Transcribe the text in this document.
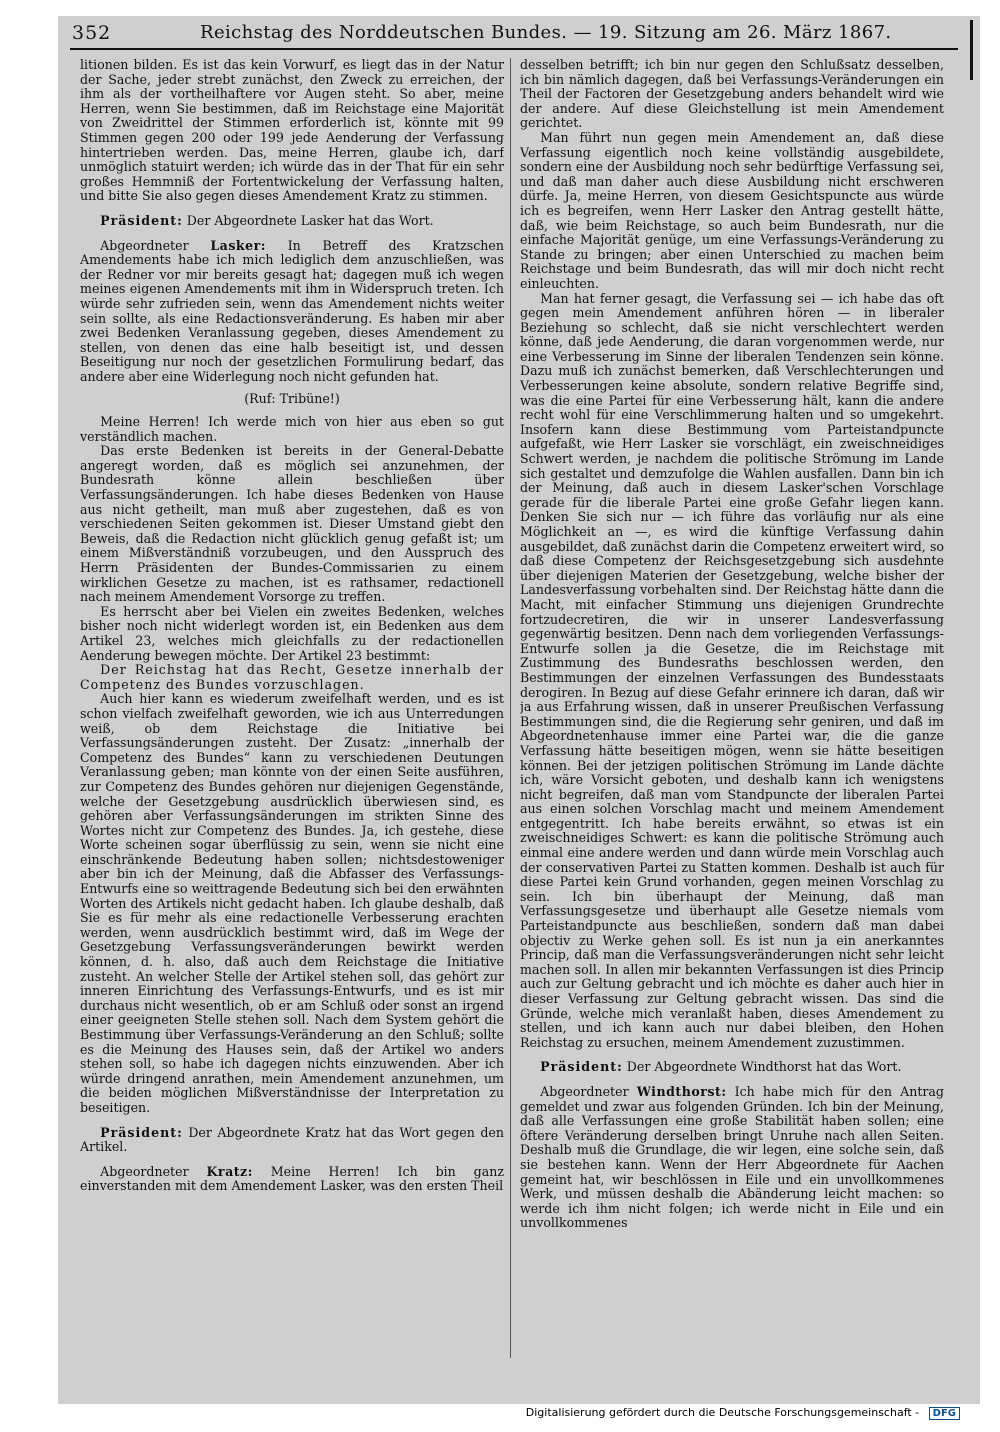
352	Reichstag des Norddeutschen Bundes. — 19. Sitzung am 26. März 1867.

litionen bilden. Es ist das kein Vorwurf, es liegt das in der Natur der Sache, jeder strebt zunächst, den Zweck zu erreichen, der ihm als der vortheilhaftere vor Augen steht. So aber, meine Herren, wenn Sie bestimmen, daß im Reichstage eine Majorität von Zweidrittel der Stimmen erforderlich ist, könnte mit 99 Stimmen gegen 200 oder 199 jede Aenderung der Verfassung hintertrieben werden. Das, meine Herren, glaube ich, darf unmöglich statuirt werden; ich würde das in der That für ein sehr großes Hemmniß der Fortentwickelung der Verfassung halten, und bitte Sie also gegen dieses Amendement Kratz zu stimmen.

Präsident: Der Abgeordnete Lasker hat das Wort.

Abgeordneter Lasker: In Betreff des Kratzschen Amendements habe ich mich lediglich dem anzuschließen, was der Redner vor mir bereits gesagt hat; dagegen muß ich wegen meines eigenen Amendements mit ihm in Widerspruch treten. Ich würde sehr zufrieden sein, wenn das Amendement nichts weiter sein sollte, als eine Redactionsveränderung. Es haben mir aber zwei Bedenken Veranlassung gegeben, dieses Amendement zu stellen, von denen das eine halb beseitigt ist, und dessen Beseitigung nur noch der gesetzlichen Formulirung bedarf, das andere aber eine Widerlegung noch nicht gefunden hat.

(Ruf: Tribüne!)

Meine Herren! Ich werde mich von hier aus eben so gut verständlich machen.

Das erste Bedenken ist bereits in der General-Debatte angeregt worden, daß es möglich sei anzunehmen, der Bundesrath könne allein beschließen über Verfassungsänderungen. Ich habe dieses Bedenken von Hause aus nicht getheilt, man muß aber zugestehen, daß es von verschiedenen Seiten gekommen ist. Dieser Umstand giebt den Beweis, daß die Redaction nicht glücklich genug gefaßt ist; um einem Mißverständniß vorzubeugen, und den Ausspruch des Herrn Präsidenten der Bundes-Commissarien zu einem wirklichen Gesetze zu machen, ist es rathsamer, redactionell nach meinem Amendement Vorsorge zu treffen.

Es herrscht aber bei Vielen ein zweites Bedenken, welches bisher noch nicht widerlegt worden ist, ein Bedenken aus dem Artikel 23, welches mich gleichfalls zu der redactionellen Aenderung bewegen möchte. Der Artikel 23 bestimmt:

Der Reichstag hat das Recht, Gesetze innerhalb der Competenz des Bundes vorzuschlagen.

Auch hier kann es wiederum zweifelhaft werden, und es ist schon vielfach zweifelhaft geworden, wie ich aus Unterredungen weiß, ob dem Reichstage die Initiative bei Verfassungsänderungen zusteht. Der Zusatz: „innerhalb der Competenz des Bundes“ kann zu verschiedenen Deutungen Veranlassung geben; man könnte von der einen Seite ausführen, zur Competenz des Bundes gehören nur diejenigen Gegenstände, welche der Gesetzgebung ausdrücklich überwiesen sind, es gehören aber Verfassungsänderungen im strikten Sinne des Wortes nicht zur Competenz des Bundes. Ja, ich gestehe, diese Worte scheinen sogar überflüssig zu sein, wenn sie nicht eine einschränkende Bedeutung haben sollen; nichtsdestoweniger aber bin ich der Meinung, daß die Abfasser des Verfassungs-Entwurfs eine so weittragende Bedeutung sich bei den erwähnten Worten des Artikels nicht gedacht haben. Ich glaube deshalb, daß Sie es für mehr als eine redactionelle Verbesserung erachten werden, wenn ausdrücklich bestimmt wird, daß im Wege der Gesetzgebung Verfassungsveränderungen bewirkt werden können, d. h. also, daß auch dem Reichstage die Initiative zusteht. An welcher Stelle der Artikel stehen soll, das gehört zur inneren Einrichtung des Verfassungs-Entwurfs, und es ist mir durchaus nicht wesentlich, ob er am Schluß oder sonst an irgend einer geeigneten Stelle stehen soll. Nach dem System gehört die Bestimmung über Verfassungs-Veränderung an den Schluß; sollte es die Meinung des Hauses sein, daß der Artikel wo anders stehen soll, so habe ich dagegen nichts einzuwenden. Aber ich würde dringend anrathen, mein Amendement anzunehmen, um die beiden möglichen Mißverständnisse der Interpretation zu beseitigen.

Präsident: Der Abgeordnete Kratz hat das Wort gegen den Artikel.

Abgeordneter Kratz: Meine Herren! Ich bin ganz einverstanden mit dem Amendement Lasker, was den ersten Theil

desselben betrifft; ich bin nur gegen den Schlußsatz desselben, ich bin nämlich dagegen, daß bei Verfassungs-Veränderungen ein Theil der Factoren der Gesetzgebung anders behandelt wird wie der andere. Auf diese Gleichstellung ist mein Amendement gerichtet.

Man führt nun gegen mein Amendement an, daß diese Verfassung eigentlich noch keine vollständig ausgebildete, sondern eine der Ausbildung noch sehr bedürftige Verfassung sei, und daß man daher auch diese Ausbildung nicht erschweren dürfe. Ja, meine Herren, von diesem Gesichtspuncte aus würde ich es begreifen, wenn Herr Lasker den Antrag gestellt hätte, daß, wie beim Reichstage, so auch beim Bundesrath, nur die einfache Majorität genüge, um eine Verfassungs-Veränderung zu Stande zu bringen; aber einen Unterschied zu machen beim Reichstage und beim Bundesrath, das will mir doch nicht recht einleuchten.

Man hat ferner gesagt, die Verfassung sei — ich habe das oft gegen mein Amendement anführen hören — in liberaler Beziehung so schlecht, daß sie nicht verschlechtert werden könne, daß jede Aenderung, die daran vorgenommen werde, nur eine Verbesserung im Sinne der liberalen Tendenzen sein könne. Dazu muß ich zunächst bemerken, daß Verschlechterungen und Verbesserungen keine absolute, sondern relative Begriffe sind, was die eine Partei für eine Verbesserung hält, kann die andere recht wohl für eine Verschlimmerung halten und so umgekehrt. Insofern kann diese Bestimmung vom Parteistandpuncte aufgefaßt, wie Herr Lasker sie vorschlägt, ein zweischneidiges Schwert werden, je nachdem die politische Strömung im Lande sich gestaltet und demzufolge die Wahlen ausfallen. Dann bin ich der Meinung, daß auch in diesem Lasker'schen Vorschlage gerade für die liberale Partei eine große Gefahr liegen kann. Denken Sie sich nur — ich führe das vorläufig nur als eine Möglichkeit an —, es wird die künftige Verfassung dahin ausgebildet, daß zunächst darin die Competenz erweitert wird, so daß diese Competenz der Reichsgesetzgebung sich ausdehnte über diejenigen Materien der Gesetzgebung, welche bisher der Landesverfassung vorbehalten sind. Der Reichstag hätte dann die Macht, mit einfacher Stimmung uns diejenigen Grundrechte fortzudecretiren, die wir in unserer Landesverfassung gegenwärtig besitzen. Denn nach dem vorliegenden Verfassungs-Entwurfe sollen ja die Gesetze, die im Reichstage mit Zustimmung des Bundesraths beschlossen werden, den Bestimmungen der einzelnen Verfassungen des Bundesstaats derogiren. In Bezug auf diese Gefahr erinnere ich daran, daß wir ja aus Erfahrung wissen, daß in unserer Preußischen Verfassung Bestimmungen sind, die die Regierung sehr geniren, und daß im Abgeordnetenhause immer eine Partei war, die die ganze Verfassung hätte beseitigen mögen, wenn sie hätte beseitigen können. Bei der jetzigen politischen Strömung im Lande dächte ich, wäre Vorsicht geboten, und deshalb kann ich wenigstens nicht begreifen, daß man vom Standpuncte der liberalen Partei aus einen solchen Vorschlag macht und meinem Amendement entgegentritt. Ich habe bereits erwähnt, so etwas ist ein zweischneidiges Schwert: es kann die politische Strömung auch einmal eine andere werden und dann würde mein Vorschlag auch der conservativen Partei zu Statten kommen. Deshalb ist auch für diese Partei kein Grund vorhanden, gegen meinen Vorschlag zu sein. Ich bin überhaupt der Meinung, daß man Verfassungsgesetze und überhaupt alle Gesetze niemals vom Parteistandpuncte aus beschließen, sondern daß man dabei objectiv zu Werke gehen soll. Es ist nun ja ein anerkanntes Princip, daß man die Verfassungsveränderungen nicht sehr leicht machen soll. In allen mir bekannten Verfassungen ist dies Princip auch zur Geltung gebracht und ich möchte es daher auch hier in dieser Verfassung zur Geltung gebracht wissen. Das sind die Gründe, welche mich veranlaßt haben, dieses Amendement zu stellen, und ich kann auch nur dabei bleiben, den Hohen Reichstag zu ersuchen, meinem Amendement zuzustimmen.

Präsident: Der Abgeordnete Windthorst hat das Wort.

Abgeordneter Windthorst: Ich habe mich für den Antrag gemeldet und zwar aus folgenden Gründen. Ich bin der Meinung, daß alle Verfassungen eine große Stabilität haben sollen; eine öftere Veränderung derselben bringt Unruhe nach allen Seiten. Deshalb muß die Grundlage, die wir legen, eine solche sein, daß sie bestehen kann. Wenn der Herr Abgeordnete für Aachen gemeint hat, wir beschlössen in Eile und ein unvollkommenes Werk, und müssen deshalb die Abänderung leicht machen: so werde ich ihm nicht folgen; ich werde nicht in Eile und ein unvollkommenes

Digitalisierung gefördert durch die Deutsche Forschungsgemeinschaft - DFG
